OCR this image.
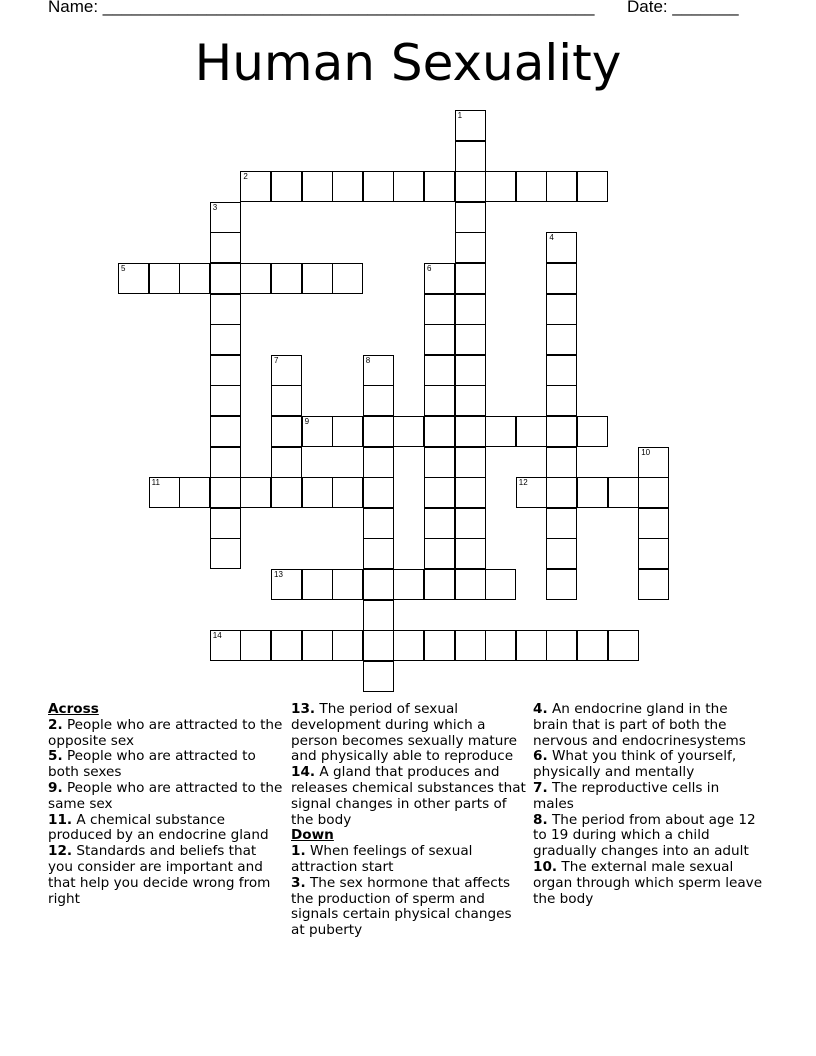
Name: ____________________________________________________ Date: _______
Human Sexuality
1
2
3
4
5	6
7	8
9
10
11	12
13
14

Across

2. People who are attracted to the opposite sex

5. People who are attracted to both sexes

9. People who are attracted to the same sex

11. A chemical substance produced by an endocrine gland

12. Standards and beliefs that you consider are important and that help you decide wrong from right

13. The period of sexual development during which a person becomes sexually mature and physically able to reproduce

14. A gland that produces and releases chemical substances that signal changes in other parts of the body

Down

1. When feelings of sexual attraction start

3. The sex hormone that affects the production of sperm and signals certain physical changes at puberty

4. An endocrine gland in the brain that is part of both the nervous and endocrinesystems

6. What you think of yourself, physically and mentally

7. The reproductive cells in males

8. The period from about age 12 to 19 during which a child gradually changes into an adult

10. The external male sexual organ through which sperm leave the body
